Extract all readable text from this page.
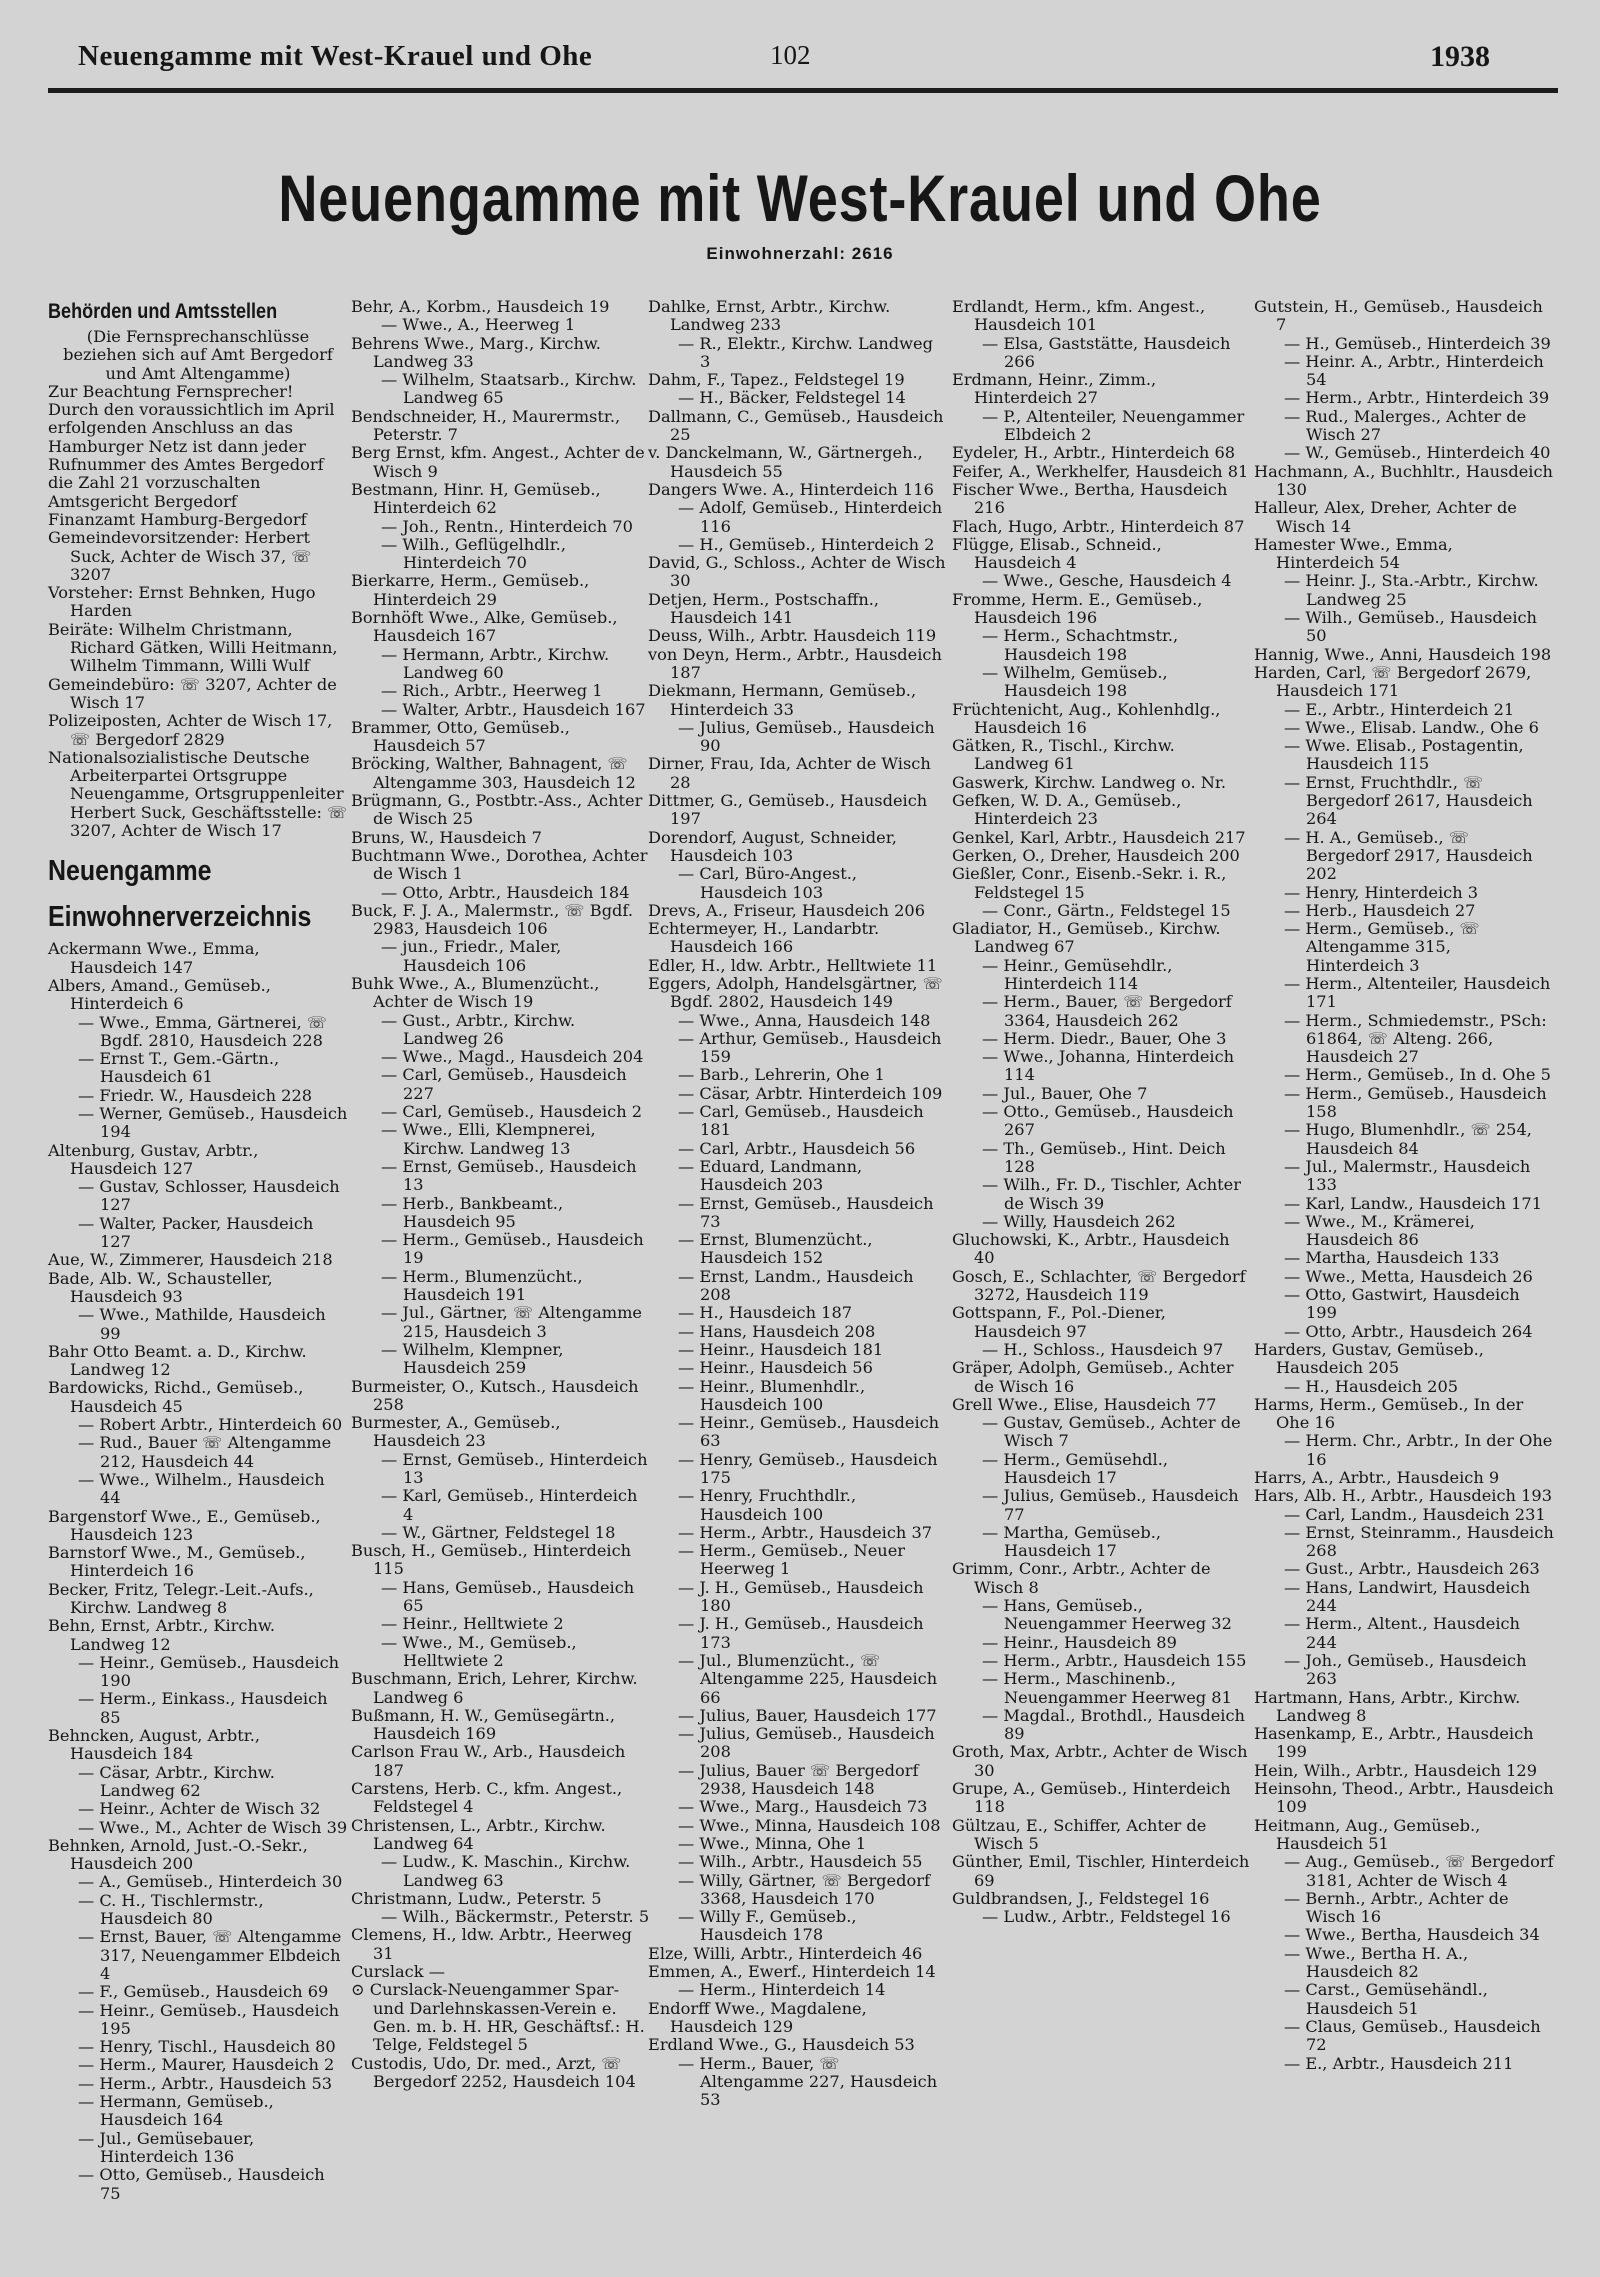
Neuengamme mit West-Krauel und Ohe	102	1938
Neuengamme mit West-Krauel und Ohe
Einwohnerzahl: 2616
Behörden und Amtsstellen
(Die Fernsprechanschlüsse beziehen sich auf Amt Bergedorf und Amt Altengamme)
Zur Beachtung Fernsprecher! Durch den voraussichtlich im April erfolgenden Anschluss an das Hamburger Netz ist dann jeder Rufnummer des Amtes Bergedorf die Zahl 21 vorzuschalten
Amtsgericht Bergedorf
Finanzamt Hamburg-Bergedorf
Gemeindevorsitzender: Herbert Suck, Achter de Wisch 37, ☏ 3207
Vorsteher: Ernst Behnken, Hugo Harden
Beiräte: Wilhelm Christmann, Richard Gätken, Willi Heitmann, Wilhelm Timmann, Willi Wulf
Gemeindebüro: ☏ 3207, Achter de Wisch 17
Polizeiposten, Achter de Wisch 17, ☏ Bergedorf 2829
Nationalsozialistische Deutsche Arbeiterpartei Ortsgruppe Neuengamme, Ortsgruppenleiter Herbert Suck, Geschäftsstelle: ☏ 3207, Achter de Wisch 17
Neuengamme
Einwohnerverzeichnis
Ackermann Wwe., Emma, Hausdeich 147
Albers, Amand., Gemüseb., Hinterdeich 6
— Wwe., Emma, Gärtnerei, ☏ Bgdf. 2810, Hausdeich 228
— Ernst T., Gem.-Gärtn., Hausdeich 61
— Friedr. W., Hausdeich 228
— Werner, Gemüseb., Hausdeich 194
Altenburg, Gustav, Arbtr., Hausdeich 127
— Gustav, Schlosser, Hausdeich 127
— Walter, Packer, Hausdeich 127
Aue, W., Zimmerer, Hausdeich 218
Bade, Alb. W., Schausteller, Hausdeich 93
— Wwe., Mathilde, Hausdeich 99
Bahr Otto Beamt. a. D., Kirchw. Landweg 12
Bardowicks, Richd., Gemüseb., Hausdeich 45
— Robert Arbtr., Hinterdeich 60
— Rud., Bauer ☏ Altengamme 212, Hausdeich 44
— Wwe., Wilhelm., Hausdeich 44
Bargenstorf Wwe., E., Gemüseb., Hausdeich 123
Barnstorf Wwe., M., Gemüseb., Hinterdeich 16
Becker, Fritz, Telegr.-Leit.-Aufs., Kirchw. Landweg 8
Behn, Ernst, Arbtr., Kirchw. Landweg 12
— Heinr., Gemüseb., Hausdeich 190
— Herm., Einkass., Hausdeich 85
Behncken, August, Arbtr., Hausdeich 184
— Cäsar, Arbtr., Kirchw. Landweg 62
— Heinr., Achter de Wisch 32
— Wwe., M., Achter de Wisch 39
Behnken, Arnold, Just.-O.-Sekr., Hausdeich 200
— A., Gemüseb., Hinterdeich 30
— C. H., Tischlermstr., Hausdeich 80
— Ernst, Bauer, ☏ Altengamme 317, Neuengammer Elbdeich 4
— F., Gemüseb., Hausdeich 69
— Heinr., Gemüseb., Hausdeich 195
— Henry, Tischl., Hausdeich 80
— Herm., Maurer, Hausdeich 2
— Herm., Arbtr., Hausdeich 53
— Hermann, Gemüseb., Hausdeich 164
— Jul., Gemüsebauer, Hinterdeich 136
— Otto, Gemüseb., Hausdeich 75
Behr, A., Korbm., Hausdeich 19
— Wwe., A., Heerweg 1
Behrens Wwe., Marg., Kirchw. Landweg 33
— Wilhelm, Staatsarb., Kirchw. Landweg 65
Bendschneider, H., Maurermstr., Peterstr. 7
Berg Ernst, kfm. Angest., Achter de Wisch 9
Bestmann, Hinr. H, Gemüseb., Hinterdeich 62
— Joh., Rentn., Hinterdeich 70
— Wilh., Geflügelhdlr., Hinterdeich 70
Bierkarre, Herm., Gemüseb., Hinterdeich 29
Bornhöft Wwe., Alke, Gemüseb., Hausdeich 167
— Hermann, Arbtr., Kirchw. Landweg 60
— Rich., Arbtr., Heerweg 1
— Walter, Arbtr., Hausdeich 167
Brammer, Otto, Gemüseb., Hausdeich 57
Bröcking, Walther, Bahnagent, ☏ Altengamme 303, Hausdeich 12
Brügmann, G., Postbtr.-Ass., Achter de Wisch 25
Bruns, W., Hausdeich 7
Buchtmann Wwe., Dorothea, Achter de Wisch 1
— Otto, Arbtr., Hausdeich 184
Buck, F. J. A., Malermstr., ☏ Bgdf. 2983, Hausdeich 106
— jun., Friedr., Maler, Hausdeich 106
Buhk Wwe., A., Blumenzücht., Achter de Wisch 19
— Gust., Arbtr., Kirchw. Landweg 26
— Wwe., Magd., Hausdeich 204
— Carl, Gemüseb., Hausdeich 227
— Carl, Gemüseb., Hausdeich 2
— Wwe., Elli, Klempnerei, Kirchw. Landweg 13
— Ernst, Gemüseb., Hausdeich 13
— Herb., Bankbeamt., Hausdeich 95
— Herm., Gemüseb., Hausdeich 19
— Herm., Blumenzücht., Hausdeich 191
— Jul., Gärtner, ☏ Altengamme 215, Hausdeich 3
— Wilhelm, Klempner, Hausdeich 259
Burmeister, O., Kutsch., Hausdeich 258
Burmester, A., Gemüseb., Hausdeich 23
— Ernst, Gemüseb., Hinterdeich 13
— Karl, Gemüseb., Hinterdeich 4
— W., Gärtner, Feldstegel 18
Busch, H., Gemüseb., Hinterdeich 115
— Hans, Gemüseb., Hausdeich 65
— Heinr., Helltwiete 2
— Wwe., M., Gemüseb., Helltwiete 2
Buschmann, Erich, Lehrer, Kirchw. Landweg 6
Bußmann, H. W., Gemüsegärtn., Hausdeich 169
Carlson Frau W., Arb., Hausdeich 187
Carstens, Herb. C., kfm. Angest., Feldstegel 4
Christensen, L., Arbtr., Kirchw. Landweg 64
— Ludw., K. Maschin., Kirchw. Landweg 63
Christmann, Ludw., Peterstr. 5
— Wilh., Bäckermstr., Peterstr. 5
Clemens, H., ldw. Arbtr., Heerweg 31
Curslack —
⊙ Curslack-Neuengammer Spar- und Darlehnskassen-Verein e. Gen. m. b. H. HR, Geschäftsf.: H. Telge, Feldstegel 5
Custodis, Udo, Dr. med., Arzt, ☏ Bergedorf 2252, Hausdeich 104
Dahlke, Ernst, Arbtr., Kirchw. Landweg 233
— R., Elektr., Kirchw. Landweg 3
Dahm, F., Tapez., Feldstegel 19
— H., Bäcker, Feldstegel 14
Dallmann, C., Gemüseb., Hausdeich 25
v. Danckelmann, W., Gärtnergeh., Hausdeich 55
Dangers Wwe. A., Hinterdeich 116
— Adolf, Gemüseb., Hinterdeich 116
— H., Gemüseb., Hinterdeich 2
David, G., Schloss., Achter de Wisch 30
Detjen, Herm., Postschaffn., Hausdeich 141
Deuss, Wilh., Arbtr. Hausdeich 119
von Deyn, Herm., Arbtr., Hausdeich 187
Diekmann, Hermann, Gemüseb., Hinterdeich 33
— Julius, Gemüseb., Hausdeich 90
Dirner, Frau, Ida, Achter de Wisch 28
Dittmer, G., Gemüseb., Hausdeich 197
Dorendorf, August, Schneider, Hausdeich 103
— Carl, Büro-Angest., Hausdeich 103
Drevs, A., Friseur, Hausdeich 206
Echtermeyer, H., Landarbtr. Hausdeich 166
Edler, H., ldw. Arbtr., Helltwiete 11
Eggers, Adolph, Handelsgärtner, ☏ Bgdf. 2802, Hausdeich 149
— Wwe., Anna, Hausdeich 148
— Arthur, Gemüseb., Hausdeich 159
— Barb., Lehrerin, Ohe 1
— Cäsar, Arbtr. Hinterdeich 109
— Carl, Gemüseb., Hausdeich 181
— Carl, Arbtr., Hausdeich 56
— Eduard, Landmann, Hausdeich 203
— Ernst, Gemüseb., Hausdeich 73
— Ernst, Blumenzücht., Hausdeich 152
— Ernst, Landm., Hausdeich 208
— H., Hausdeich 187
— Hans, Hausdeich 208
— Heinr., Hausdeich 181
— Heinr., Hausdeich 56
— Heinr., Blumenhdlr., Hausdeich 100
— Heinr., Gemüseb., Hausdeich 63
— Henry, Gemüseb., Hausdeich 175
— Henry, Fruchthdlr., Hausdeich 100
— Herm., Arbtr., Hausdeich 37
— Herm., Gemüseb., Neuer Heerweg 1
— J. H., Gemüseb., Hausdeich 180
— J. H., Gemüseb., Hausdeich 173
— Jul., Blumenzücht., ☏ Altengamme 225, Hausdeich 66
— Julius, Bauer, Hausdeich 177
— Julius, Gemüseb., Hausdeich 208
— Julius, Bauer ☏ Bergedorf 2938, Hausdeich 148
— Wwe., Marg., Hausdeich 73
— Wwe., Minna, Hausdeich 108
— Wwe., Minna, Ohe 1
— Wilh., Arbtr., Hausdeich 55
— Willy, Gärtner, ☏ Bergedorf 3368, Hausdeich 170
— Willy F., Gemüseb., Hausdeich 178
Elze, Willi, Arbtr., Hinterdeich 46
Emmen, A., Ewerf., Hinterdeich 14
— Herm., Hinterdeich 14
Endorff Wwe., Magdalene, Hausdeich 129
Erdland Wwe., G., Hausdeich 53
— Herm., Bauer, ☏ Altengamme 227, Hausdeich 53
Erdlandt, Herm., kfm. Angest., Hausdeich 101
— Elsa, Gaststätte, Hausdeich 266
Erdmann, Heinr., Zimm., Hinterdeich 27
— P., Altenteiler, Neuengammer Elbdeich 2
Eydeler, H., Arbtr., Hinterdeich 68
Feifer, A., Werkhelfer, Hausdeich 81
Fischer Wwe., Bertha, Hausdeich 216
Flach, Hugo, Arbtr., Hinterdeich 87
Flügge, Elisab., Schneid., Hausdeich 4
— Wwe., Gesche, Hausdeich 4
Fromme, Herm. E., Gemüseb., Hausdeich 196
— Herm., Schachtmstr., Hausdeich 198
— Wilhelm, Gemüseb., Hausdeich 198
Früchtenicht, Aug., Kohlenhdlg., Hausdeich 16
Gätken, R., Tischl., Kirchw. Landweg 61
Gaswerk, Kirchw. Landweg o. Nr.
Gefken, W. D. A., Gemüseb., Hinterdeich 23
Genkel, Karl, Arbtr., Hausdeich 217
Gerken, O., Dreher, Hausdeich 200
Gießler, Conr., Eisenb.-Sekr. i. R., Feldstegel 15
— Conr., Gärtn., Feldstegel 15
Gladiator, H., Gemüseb., Kirchw. Landweg 67
— Heinr., Gemüsehdlr., Hinterdeich 114
— Herm., Bauer, ☏ Bergedorf 3364, Hausdeich 262
— Herm. Diedr., Bauer, Ohe 3
— Wwe., Johanna, Hinterdeich 114
— Jul., Bauer, Ohe 7
— Otto., Gemüseb., Hausdeich 267
— Th., Gemüseb., Hint. Deich 128
— Wilh., Fr. D., Tischler, Achter de Wisch 39
— Willy, Hausdeich 262
Gluchowski, K., Arbtr., Hausdeich 40
Gosch, E., Schlachter, ☏ Bergedorf 3272, Hausdeich 119
Gottspann, F., Pol.-Diener, Hausdeich 97
— H., Schloss., Hausdeich 97
Gräper, Adolph, Gemüseb., Achter de Wisch 16
Grell Wwe., Elise, Hausdeich 77
— Gustav, Gemüseb., Achter de Wisch 7
— Herm., Gemüsehdl., Hausdeich 17
— Julius, Gemüseb., Hausdeich 77
— Martha, Gemüseb., Hausdeich 17
Grimm, Conr., Arbtr., Achter de Wisch 8
— Hans, Gemüseb., Neuengammer Heerweg 32
— Heinr., Hausdeich 89
— Herm., Arbtr., Hausdeich 155
— Herm., Maschinenb., Neuengammer Heerweg 81
— Magdal., Brothdl., Hausdeich 89
Groth, Max, Arbtr., Achter de Wisch 30
Grupe, A., Gemüseb., Hinterdeich 118
Gültzau, E., Schiffer, Achter de Wisch 5
Günther, Emil, Tischler, Hinterdeich 69
Guldbrandsen, J., Feldstegel 16
— Ludw., Arbtr., Feldstegel 16
Gutstein, H., Gemüseb., Hausdeich 7
— H., Gemüseb., Hinterdeich 39
— Heinr. A., Arbtr., Hinterdeich 54
— Herm., Arbtr., Hinterdeich 39
— Rud., Malerges., Achter de Wisch 27
— W., Gemüseb., Hinterdeich 40
Hachmann, A., Buchhltr., Hausdeich 130
Halleur, Alex, Dreher, Achter de Wisch 14
Hamester Wwe., Emma, Hinterdeich 54
— Heinr. J., Sta.-Arbtr., Kirchw. Landweg 25
— Wilh., Gemüseb., Hausdeich 50
Hannig, Wwe., Anni, Hausdeich 198
Harden, Carl, ☏ Bergedorf 2679, Hausdeich 171
— E., Arbtr., Hinterdeich 21
— Wwe., Elisab. Landw., Ohe 6
— Wwe. Elisab., Postagentin, Hausdeich 115
— Ernst, Fruchthdlr., ☏ Bergedorf 2617, Hausdeich 264
— H. A., Gemüseb., ☏ Bergedorf 2917, Hausdeich 202
— Henry, Hinterdeich 3
— Herb., Hausdeich 27
— Herm., Gemüseb., ☏ Altengamme 315, Hinterdeich 3
— Herm., Altenteiler, Hausdeich 171
— Herm., Schmiedemstr., PSch: 61864, ☏ Alteng. 266, Hausdeich 27
— Herm., Gemüseb., In d. Ohe 5
— Herm., Gemüseb., Hausdeich 158
— Hugo, Blumenhdlr., ☏ 254, Hausdeich 84
— Jul., Malermstr., Hausdeich 133
— Karl, Landw., Hausdeich 171
— Wwe., M., Krämerei, Hausdeich 86
— Martha, Hausdeich 133
— Wwe., Metta, Hausdeich 26
— Otto, Gastwirt, Hausdeich 199
— Otto, Arbtr., Hausdeich 264
Harders, Gustav, Gemüseb., Hausdeich 205
— H., Hausdeich 205
Harms, Herm., Gemüseb., In der Ohe 16
— Herm. Chr., Arbtr., In der Ohe 16
Harrs, A., Arbtr., Hausdeich 9
Hars, Alb. H., Arbtr., Hausdeich 193
— Carl, Landm., Hausdeich 231
— Ernst, Steinramm., Hausdeich 268
— Gust., Arbtr., Hausdeich 263
— Hans, Landwirt, Hausdeich 244
— Herm., Altent., Hausdeich 244
— Joh., Gemüseb., Hausdeich 263
Hartmann, Hans, Arbtr., Kirchw. Landweg 8
Hasenkamp, E., Arbtr., Hausdeich 199
Hein, Wilh., Arbtr., Hausdeich 129
Heinsohn, Theod., Arbtr., Hausdeich 109
Heitmann, Aug., Gemüseb., Hausdeich 51
— Aug., Gemüseb., ☏ Bergedorf 3181, Achter de Wisch 4
— Bernh., Arbtr., Achter de Wisch 16
— Wwe., Bertha, Hausdeich 34
— Wwe., Bertha H. A., Hausdeich 82
— Carst., Gemüsehändl., Hausdeich 51
— Claus, Gemüseb., Hausdeich 72
— E., Arbtr., Hausdeich 211
